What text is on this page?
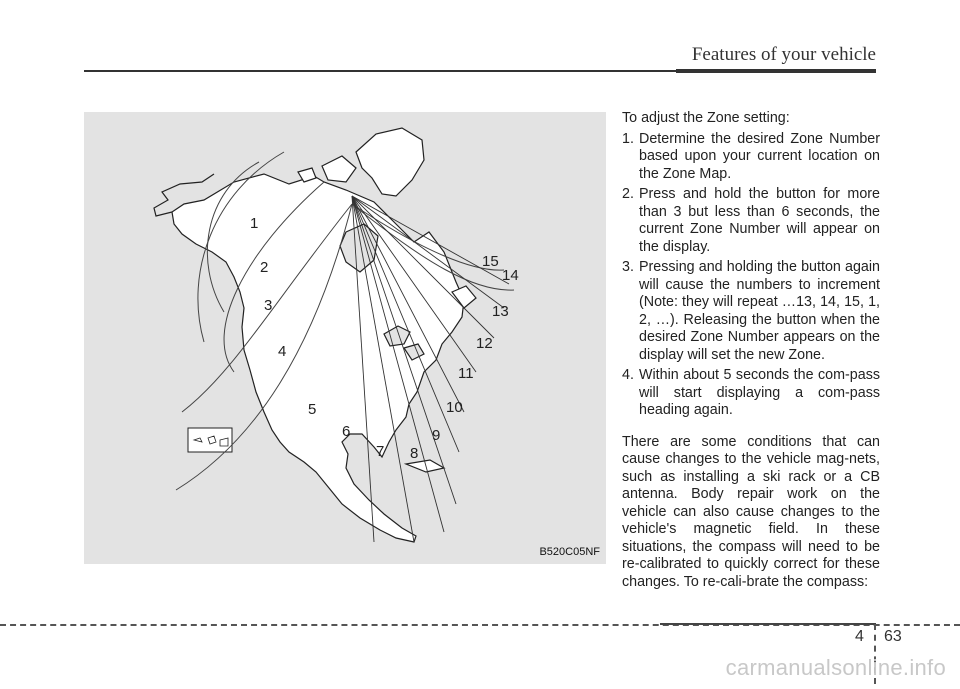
Features of your vehicle
1
2
3
4
5
6
7 8
9
10
11
12
13
14
15
B520C05NF

To adjust the Zone setting:

1. Determine the desired Zone Number based upon your current location on the Zone Map.
2. Press and hold the button for more than 3 but less than 6 seconds, the current Zone Number will appear on the display.
3. Pressing and holding the button again will cause the numbers to increment (Note: they will repeat …13, 14, 15, 1, 2, …). Releasing the button when the desired Zone Number appears on the display will set the new Zone.
4. Within about 5 seconds the com-pass will start displaying a com-pass heading again.

There are some conditions that can cause changes to the vehicle mag-nets, such as installing a ski rack or a CB antenna. Body repair work on the vehicle can also cause changes to the vehicle's magnetic field. In these situations, the compass will need to be re-calibrated to quickly correct for these changes. To re-cali-brate the compass:

4 63
carmanualsonline.info
